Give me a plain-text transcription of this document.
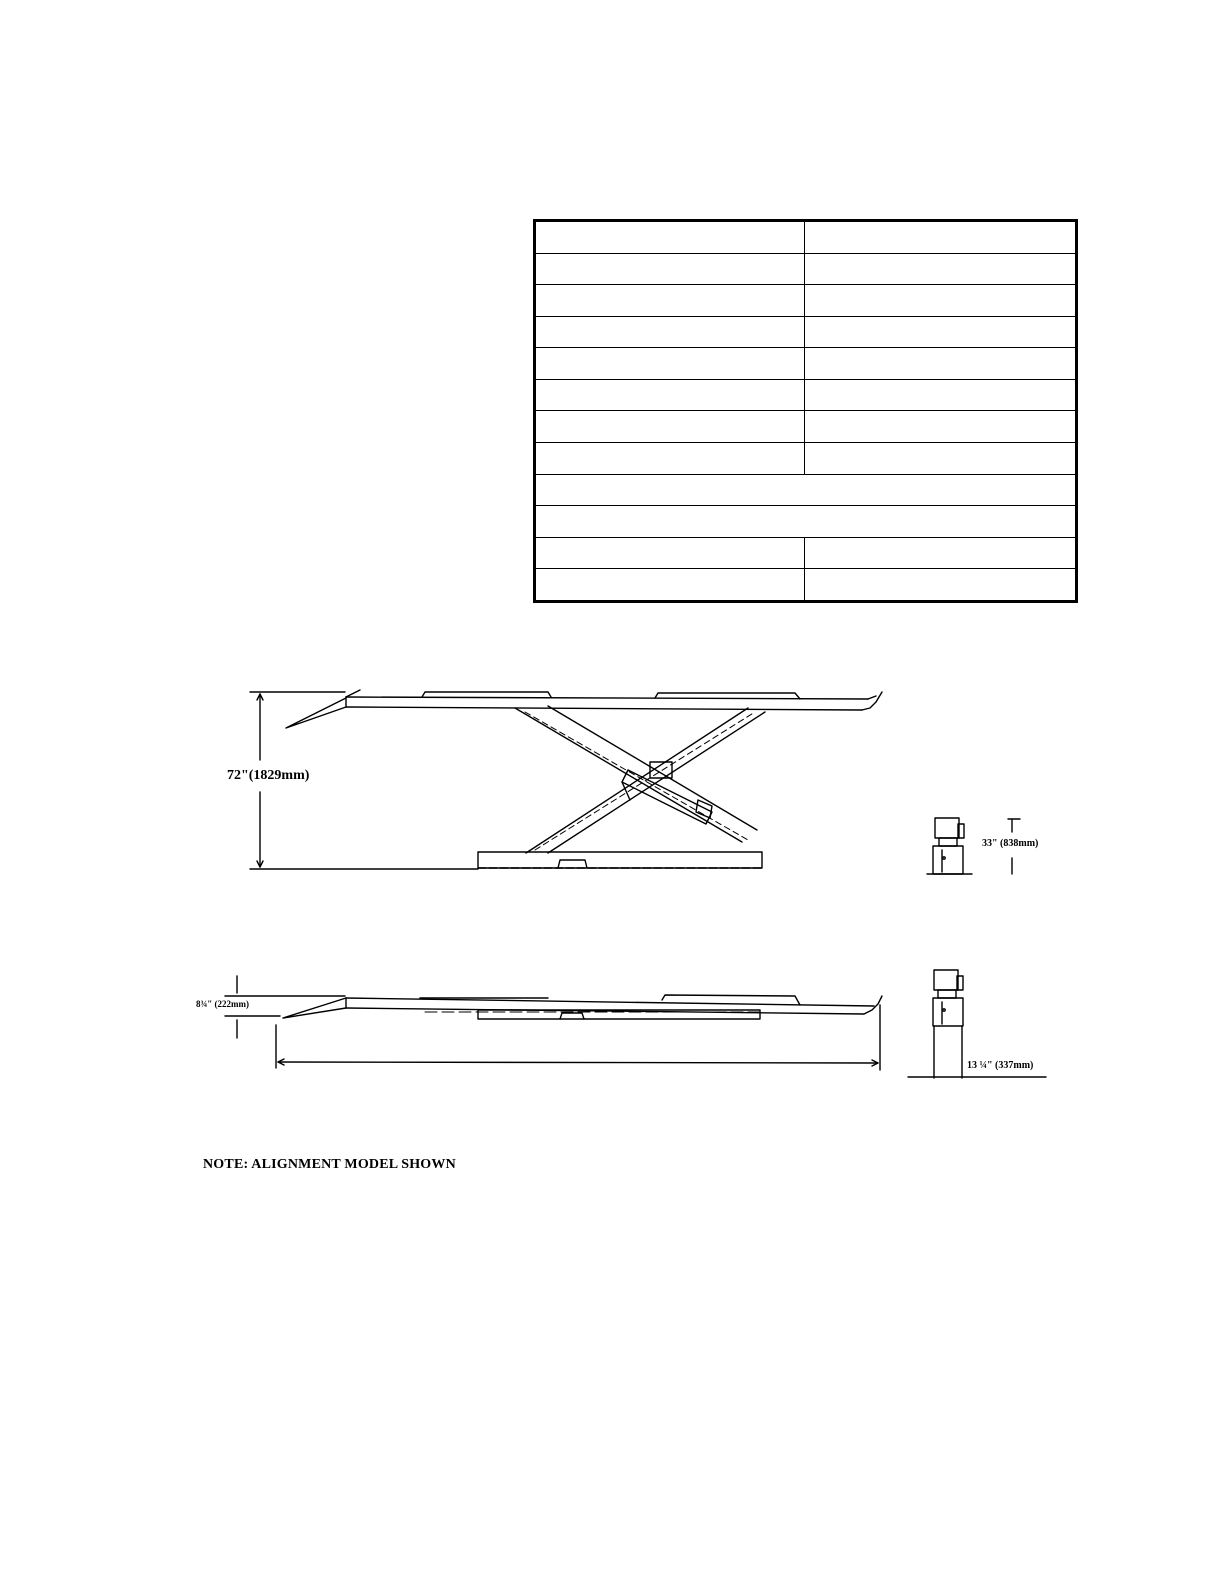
72"(1829mm)
33" (838mm)
8¾" (222mm)
13 ¼" (337mm)
NOTE: ALIGNMENT MODEL SHOWN
